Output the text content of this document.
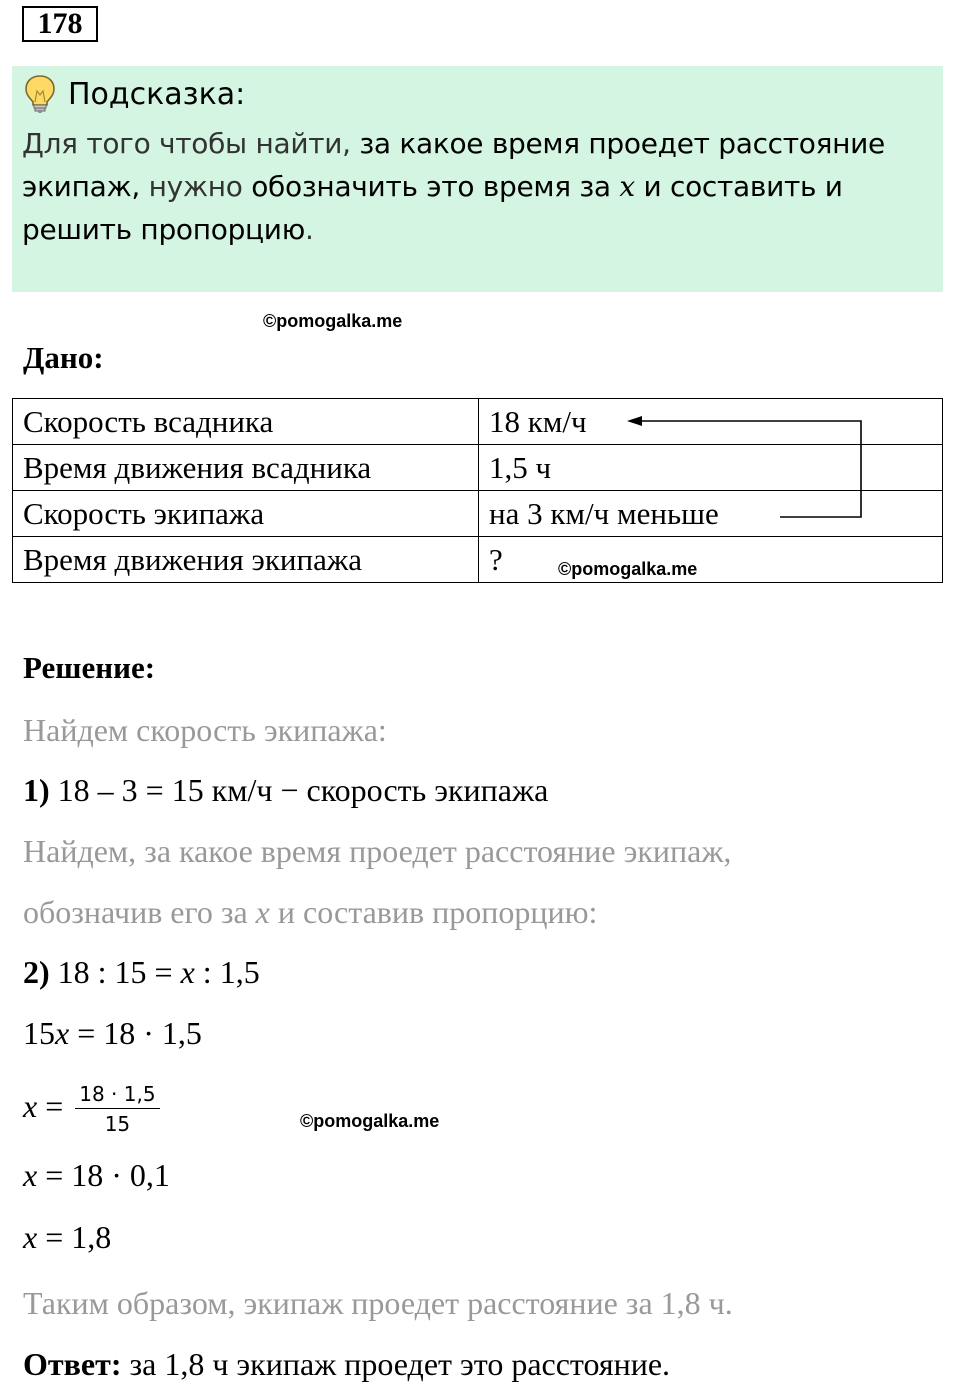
178
Подсказка:
Для того чтобы найти, за какое время проедет расстояние экипаж, нужно обозначить это время за x и составить и решить пропорцию.
©pomogalka.me
Дано:
Скорость всадника	18 км/ч
Время движения всадника	1,5 ч
Скорость экипажа	на 3 км/ч меньше
Время движения экипажа	?	©pomogalka.me
Решение:
Найдем скорость экипажа:
1) 18 – 3 = 15 км/ч − скорость экипажа
Найдем, за какое время проедет расстояние экипаж,
обозначив его за x и составив пропорцию:
2) 18 : 15 = x : 1,5
15x = 18 · 1,5
$x = \frac{18 \cdot 1,5}{15}$	©pomogalka.me
x = 18 · 0,1
x = 1,8
Таким образом, экипаж проедет расстояние за 1,8 ч.
Ответ: за 1,8 ч экипаж проедет это расстояние.
